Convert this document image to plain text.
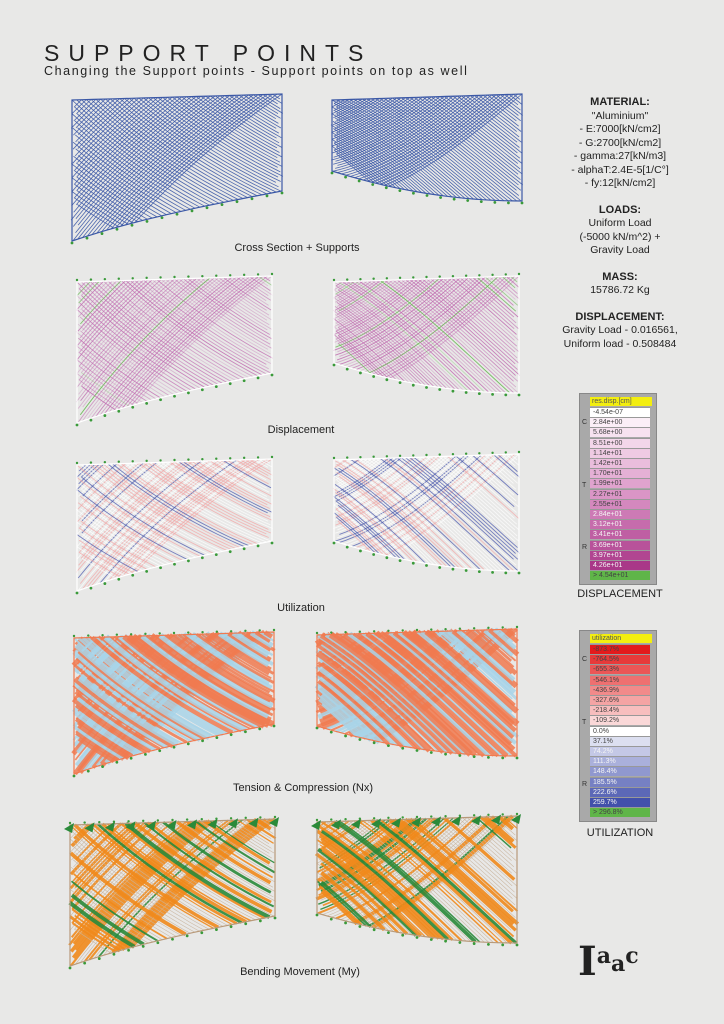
SUPPORT POINTS
Changing the Support points - Support points on top as well
Cross Section + Supports
Displacement
Utilization
Tension & Compression (Nx)
Bending Movement (My)
MATERIAL:
"Aluminium"
- E:7000[kN/cm2]
- G:2700[kN/cm2]
- gamma:27[kN/m3]
- alphaT:2.4E-5[1/C°]
- fy:12[kN/cm2]
LOADS:
Uniform Load
(-5000 kN/m^2) +
Gravity Load
MASS:
15786.72 Kg
DISPLACEMENT:
Gravity Load - 0.016561,
Uniform load - 0.508484
res.disp.[cm]
-4.54e-07
2.84e+00
5.68e+00
8.51e+00
1.14e+01
1.42e+01
1.70e+01
1.99e+01
2.27e+01
2.55e+01
2.84e+01
3.12e+01
3.41e+01
3.69e+01
3.97e+01
4.26e+01
> 4.54e+01
C
T
R
DISPLACEMENT
utilization
-873.7%
-764.5%
-655.3%
-546.1%
-436.9%
-327.6%
-218.4%
-109.2%
0.0%
37.1%
74.2%
111.3%
148.4%
185.5%
222.6%
259.7%
> 296.8%
C
T
R
UTILIZATION
Iaac
